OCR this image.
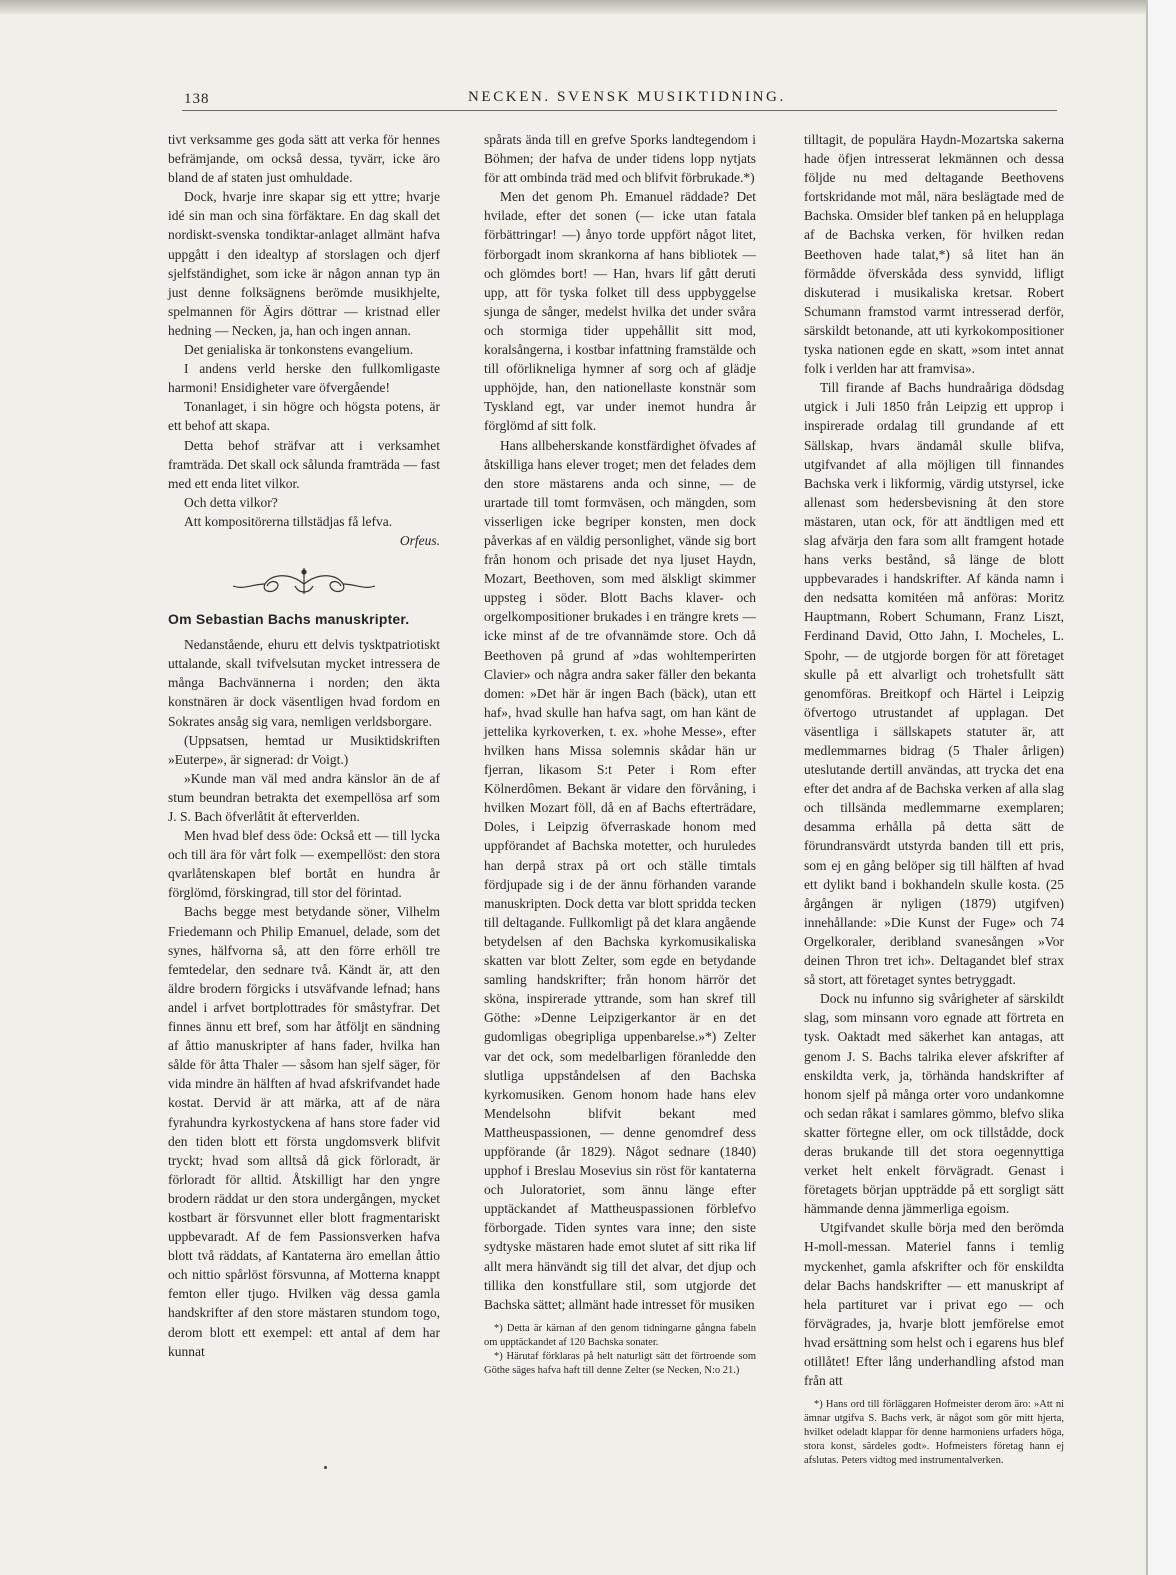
138	NECKEN. SVENSK MUSIKTIDNING.

tivt verksamme ges goda sätt att verka för hennes befrämjande, om också dessa, tyvärr, icke äro bland de af staten just omhuldade.

Dock, hvarje inre skapar sig ett yttre; hvarje idé sin man och sina förfäktare. En dag skall det nordiskt-svenska tondiktar-anlaget allmänt hafva uppgått i den idealtyp af storslagen och djerf sjelfständighet, som icke är någon annan typ än just denne folksägnens berömde musikhjelte, spelmannen för Ägirs döttrar — kristnad eller hedning — Necken, ja, han och ingen annan.

Det genialiska är tonkonstens evangelium.

I andens verld herske den fullkomligaste harmoni! Ensidigheter vare öfvergående!

Tonanlaget, i sin högre och högsta potens, är ett behof att skapa.

Detta behof sträfvar att i verksamhet framträda. Det skall ock sålunda framträda — fast med ett enda litet vilkor.

Och detta vilkor?

Att kompositörerna tillstädjas få lefva.

Orfeus.

Om Sebastian Bachs manuskripter.

Nedanstående, ehuru ett delvis tysktpatriotiskt uttalande, skall tvifvelsutan mycket intressera de många Bachvännerna i norden; den äkta konstnären är dock väsentligen hvad fordom en Sokrates ansåg sig vara, nemligen verldsborgare.

(Uppsatsen, hemtad ur Musiktidskriften »Euterpe», är signerad: dr Voigt.)

»Kunde man väl med andra känslor än de af stum beundran betrakta det exempellösa arf som J. S. Bach öfverlåtit åt efterverlden.

Men hvad blef dess öde: Också ett — till lycka och till ära för vårt folk — exempellöst: den stora qvarlåtenskapen blef bortåt en hundra år förglömd, förskingrad, till stor del förintad.

Bachs begge mest betydande söner, Vilhelm Friedemann och Philip Emanuel, delade, som det synes, hälfvorna så, att den förre erhöll tre femtedelar, den sednare två. Kändt är, att den äldre brodern förgicks i utsväfvande lefnad; hans andel i arfvet bortplottrades för småstyfrar. Det finnes ännu ett bref, som har åtföljt en sändning af åttio manuskripter af hans fader, hvilka han sålde för åtta Thaler — såsom han sjelf säger, för vida mindre än hälften af hvad afskrifvandet hade kostat. Dervid är att märka, att af de nära fyrahundra kyrkostyckena af hans store fader vid den tiden blott ett första ungdomsverk blifvit tryckt; hvad som alltså då gick förloradt, är förloradt för alltid. Åtskilligt har den yngre brodern räddat ur den stora undergången, mycket kostbart är försvunnet eller blott fragmentariskt uppbevaradt. Af de fem Passionsverken hafva blott två räddats, af Kantaterna äro emellan åttio och nittio spårlöst försvunna, af Motterna knappt femton eller tjugo. Hvilken väg dessa gamla handskrifter af den store mästaren stundom togo, derom blott ett exempel: ett antal af dem har kunnat

spårats ända till en grefve Sporks landtegendom i Böhmen; der hafva de under tidens lopp nytjats för att ombinda träd med och blifvit förbrukade.*)

Men det genom Ph. Emanuel räddade? Det hvilade, efter det sonen (— icke utan fatala förbättringar! —) ånyo torde uppfört något litet, förborgadt inom skrankorna af hans bibliotek — och glömdes bort! — Han, hvars lif gått deruti upp, att för tyska folket till dess uppbyggelse sjunga de sånger, medelst hvilka det under svåra och stormiga tider uppehållit sitt mod, koralsångerna, i kostbar infattning framstälde och till oförlikneliga hymner af sorg och af glädje upphöjde, han, den nationellaste konstnär som Tyskland egt, var under inemot hundra år förglömd af sitt folk.

Hans allbeherskande konstfärdighet öfvades af åtskilliga hans elever troget; men det felades dem den store mästarens anda och sinne, — de urartade till tomt formväsen, och mängden, som visserligen icke begriper konsten, men dock påverkas af en väldig personlighet, vände sig bort från honom och prisade det nya ljuset Haydn, Mozart, Beethoven, som med älskligt skimmer uppsteg i söder. Blott Bachs klaver- och orgelkompositioner brukades i en trängre krets — icke minst af de tre ofvannämde store. Och då Beethoven på grund af »das wohltemperirten Clavier» och några andra saker fäller den bekanta domen: »Det här är ingen Bach (bäck), utan ett haf», hvad skulle han hafva sagt, om han känt de jettelika kyrkoverken, t. ex. »hohe Messe», efter hvilken hans Missa solemnis skådar hän ur fjerran, likasom S:t Peter i Rom efter Kölnerdômen. Bekant är vidare den förvåning, i hvilken Mozart föll, då en af Bachs efterträdare, Doles, i Leipzig öfverraskade honom med uppförandet af Bachska motetter, och huruledes han derpå strax på ort och ställe timtals fördjupade sig i de der ännu förhanden varande manuskripten. Dock detta var blott spridda tecken till deltagande. Fullkomligt på det klara angående betydelsen af den Bachska kyrkomusikaliska skatten var blott Zelter, som egde en betydande samling handskrifter; från honom härrör det sköna, inspirerade yttrande, som han skref till Göthe: »Denne Leipzigerkantor är en det gudomligas obegripliga uppenbarelse.»*) Zelter var det ock, som medelbarligen föranledde den slutliga uppståndelsen af den Bachska kyrkomusiken. Genom honom hade hans elev Mendelsohn blifvit bekant med Mattheuspassionen, — denne genomdref dess uppförande (år 1829). Något sednare (1840) upphof i Breslau Mosevius sin röst för kantaterna och Juloratoriet, som ännu länge efter upptäckandet af Mattheuspassionen förblefvo förborgade. Tiden syntes vara inne; den siste sydtyske mästaren hade emot slutet af sitt rika lif allt mera hänvändt sig till det alvar, det djup och tillika den konstfullare stil, som utgjorde det Bachska sättet; allmänt hade intresset för musiken

*) Detta är kärnan af den genom tidningarne gångna fabeln om upptäckandet af 120 Bachska sonater.

*) Härutaf förklaras på helt naturligt sätt det förtroende som Göthe säges hafva haft till denne Zelter (se Necken, N:o 21.)

tilltagit, de populära Haydn-Mozartska sakerna hade öfjen intresserat lekmännen och dessa följde nu med deltagande Beethovens fortskridande mot mål, nära beslägtade med de Bachska. Omsider blef tanken på en helupplaga af de Bachska verken, för hvilken redan Beethoven hade talat,*) så litet han än förmådde öfverskåda dess synvidd, lifligt diskuterad i musikaliska kretsar. Robert Schumann framstod varmt intresserad derför, särskildt betonande, att uti kyrkokompositioner tyska nationen egde en skatt, »som intet annat folk i verlden har att framvisa».

Till firande af Bachs hundraåriga dödsdag utgick i Juli 1850 från Leipzig ett upprop i inspirerade ordalag till grundande af ett Sällskap, hvars ändamål skulle blifva, utgifvandet af alla möjligen till finnandes Bachska verk i likformig, värdig utstyrsel, icke allenast som hedersbevisning åt den store mästaren, utan ock, för att ändtligen med ett slag afvärja den fara som allt framgent hotade hans verks bestånd, så länge de blott uppbevarades i handskrifter. Af kända namn i den nedsatta komitéen må anföras: Moritz Hauptmann, Robert Schumann, Franz Liszt, Ferdinand David, Otto Jahn, I. Mocheles, L. Spohr, — de utgjorde borgen för att företaget skulle på ett alvarligt och trohetsfullt sätt genomföras. Breitkopf och Härtel i Leipzig öfvertogo utrustandet af upplagan. Det väsentliga i sällskapets statuter är, att medlemmarnes bidrag (5 Thaler årligen) uteslutande dertill användas, att trycka det ena efter det andra af de Bachska verken af alla slag och tillsända medlemmarne exemplaren; desamma erhålla på detta sätt de förundransvärdt utstyrda banden till ett pris, som ej en gång belöper sig till hälften af hvad ett dylikt band i bokhandeln skulle kosta. (25 årgången är nyligen (1879) utgifven) innehållande: »Die Kunst der Fuge» och 74 Orgelkoraler, deribland svanesången »Vor deinen Thron tret ich». Deltagandet blef strax så stort, att företaget syntes betryggadt.

Dock nu infunno sig svårigheter af särskildt slag, som minsann voro egnade att förtreta en tysk. Oaktadt med säkerhet kan antagas, att genom J. S. Bachs talrika elever afskrifter af enskildta verk, ja, törhända handskrifter af honom sjelf på många orter voro undankomne och sedan råkat i samlares gömmo, blefvo slika skatter förtegne eller, om ock tillstådde, dock deras brukande till det stora oegennyttiga verket helt enkelt förvägradt. Genast i företagets början uppträdde på ett sorgligt sätt hämmande denna jämmerliga egoism.

Utgifvandet skulle börja med den berömda H-moll-messan. Materiel fanns i temlig myckenhet, gamla afskrifter och för enskildta delar Bachs handskrifter — ett manuskript af hela partituret var i privat ego — och förvägrades, ja, hvarje blott jemförelse emot hvad ersättning som helst och i egarens hus blef otillåtet! Efter lång underhandling afstod man från att

*) Hans ord till förläggaren Hofmeister derom äro: »Att ni ämnar utgifva S. Bachs verk, är något som gör mitt hjerta, hvilket odeladt klappar för denne harmoniens urfaders höga, stora konst, särdeles godt». Hofmeisters företag hann ej afslutas. Peters vidtog med instrumentalverken.
